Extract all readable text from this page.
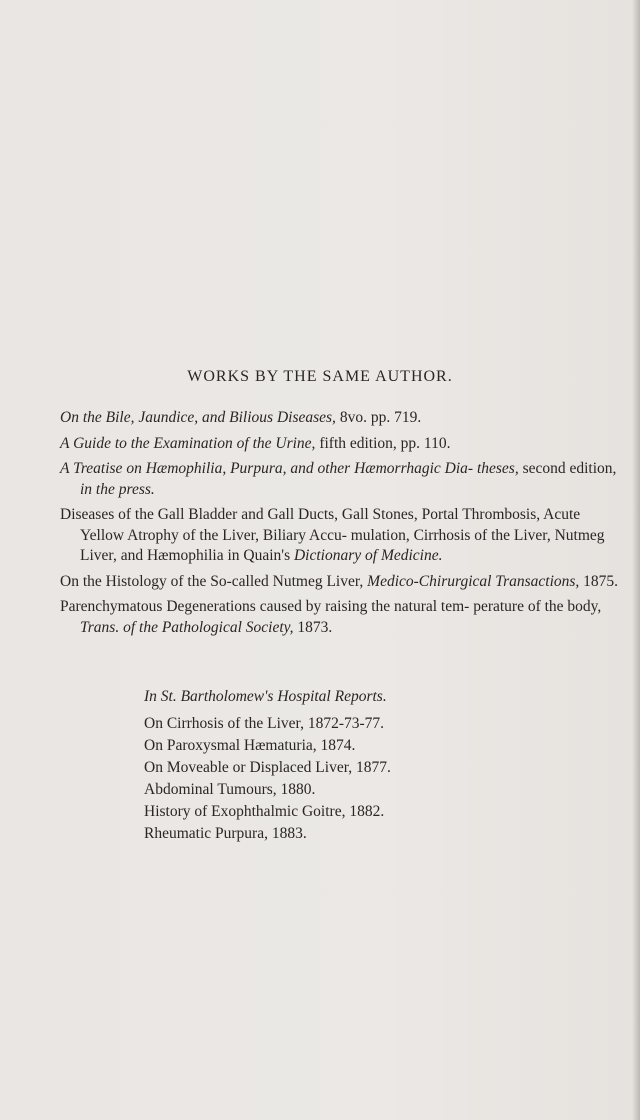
WORKS BY THE SAME AUTHOR.

On the Bile, Jaundice, and Bilious Diseases, 8vo. pp. 719.

A Guide to the Examination of the Urine, fifth edition, pp. 110.

A Treatise on Hæmophilia, Purpura, and other Hæmorrhagic Dia- theses, second edition, in the press.

Diseases of the Gall Bladder and Gall Ducts, Gall Stones, Portal Thrombosis, Acute Yellow Atrophy of the Liver, Biliary Accu- mulation, Cirrhosis of the Liver, Nutmeg Liver, and Hæmophilia in Quain's Dictionary of Medicine.

On the Histology of the So-called Nutmeg Liver, Medico-Chirurgical Transactions, 1875.

Parenchymatous Degenerations caused by raising the natural tem- perature of the body, Trans. of the Pathological Society, 1873.

In St. Bartholomew's Hospital Reports.

On Cirrhosis of the Liver, 1872-73-77.

On Paroxysmal Hæmaturia, 1874.

On Moveable or Displaced Liver, 1877.

Abdominal Tumours, 1880.

History of Exophthalmic Goitre, 1882.

Rheumatic Purpura, 1883.
